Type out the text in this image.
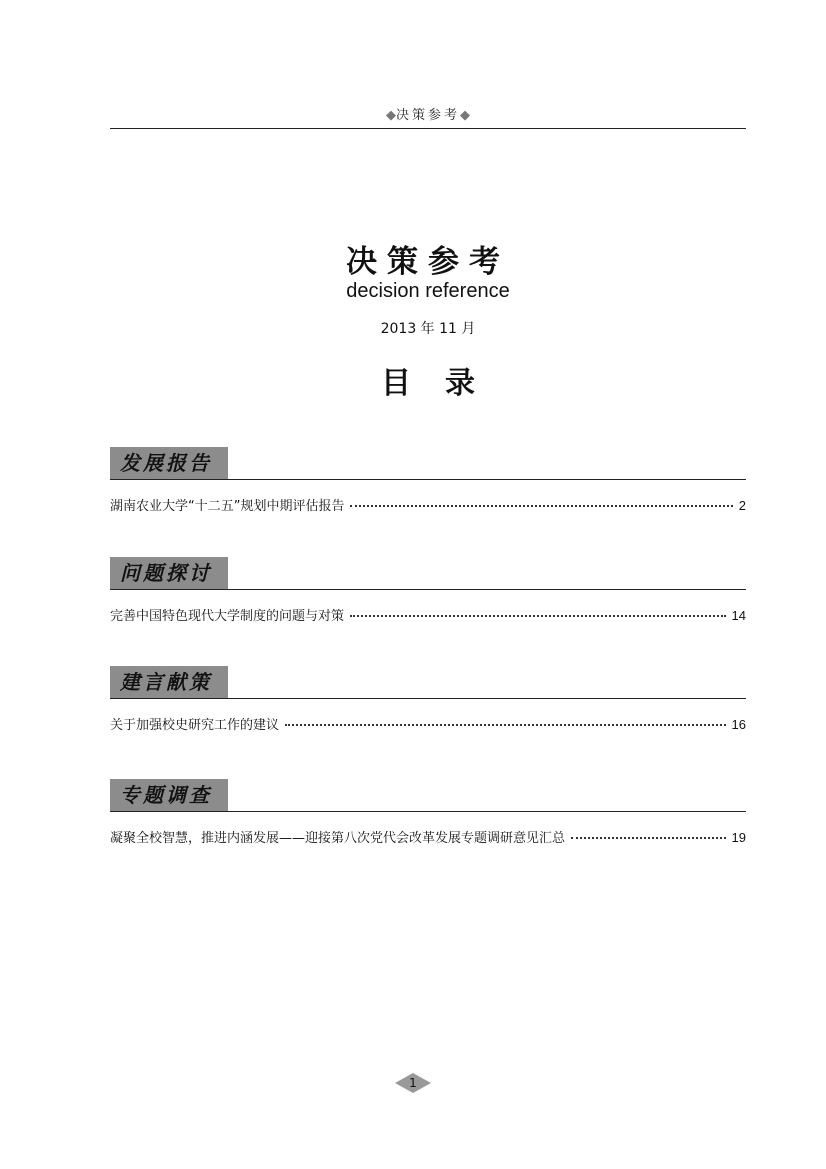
◆决策参考◆
决策参考
decision reference
2013 年 11 月
目录
发展报告
湖南农业大学“十二五”规划中期评估报告	2
问题探讨
完善中国特色现代大学制度的问题与对策	14
建言献策
关于加强校史研究工作的建议	16
专题调查
凝聚全校智慧，推进内涵发展——迎接第八次党代会改革发展专题调研意见汇总	19
1
